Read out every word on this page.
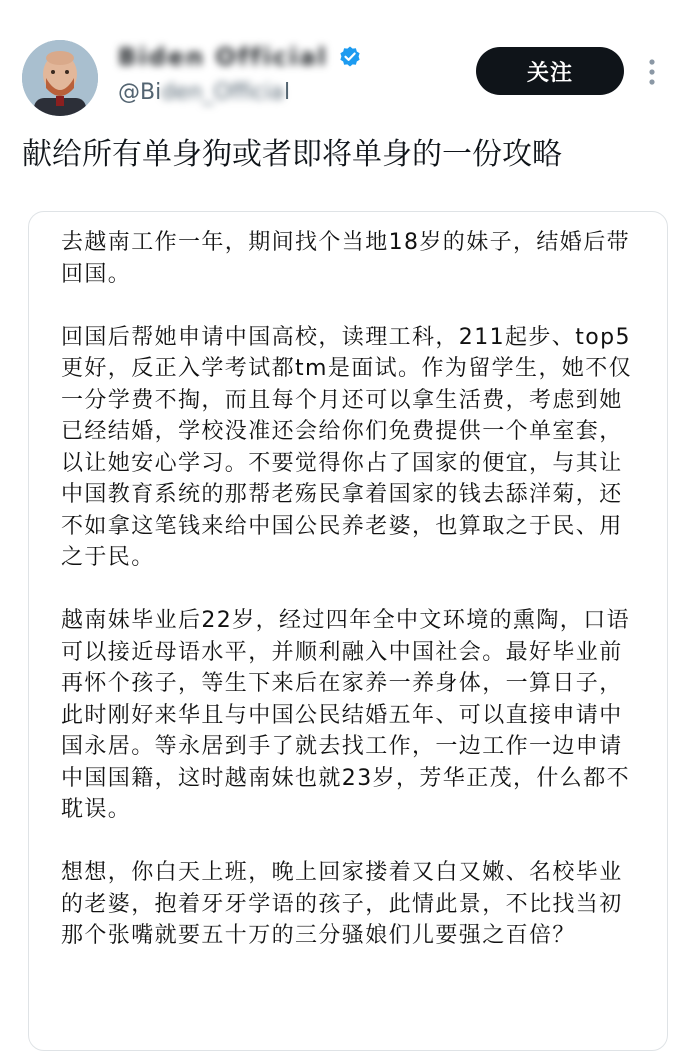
Biden Official
@Biden_Official
关注
献给所有单身狗或者即将单身的一份攻略

去越南工作一年，期间找个当地18岁的妹子，结婚后带回国。

回国后帮她申请中国高校，读理工科，211起步、top5更好，反正入学考试都tm是面试。作为留学生，她不仅一分学费不掏，而且每个月还可以拿生活费，考虑到她已经结婚，学校没准还会给你们免费提供一个单室套，以让她安心学习。不要觉得你占了国家的便宜，与其让中国教育系统的那帮老殇民拿着国家的钱去舔洋菊，还不如拿这笔钱来给中国公民养老婆，也算取之于民、用之于民。

越南妹毕业后22岁，经过四年全中文环境的熏陶，口语可以接近母语水平，并顺利融入中国社会。最好毕业前再怀个孩子，等生下来后在家养一养身体，一算日子，此时刚好来华且与中国公民结婚五年、可以直接申请中国永居。等永居到手了就去找工作，一边工作一边申请中国国籍，这时越南妹也就23岁，芳华正茂，什么都不耽误。

想想，你白天上班，晚上回家搂着又白又嫩、名校毕业的老婆，抱着牙牙学语的孩子，此情此景，不比找当初那个张嘴就要五十万的三分骚娘们儿要强之百倍？
